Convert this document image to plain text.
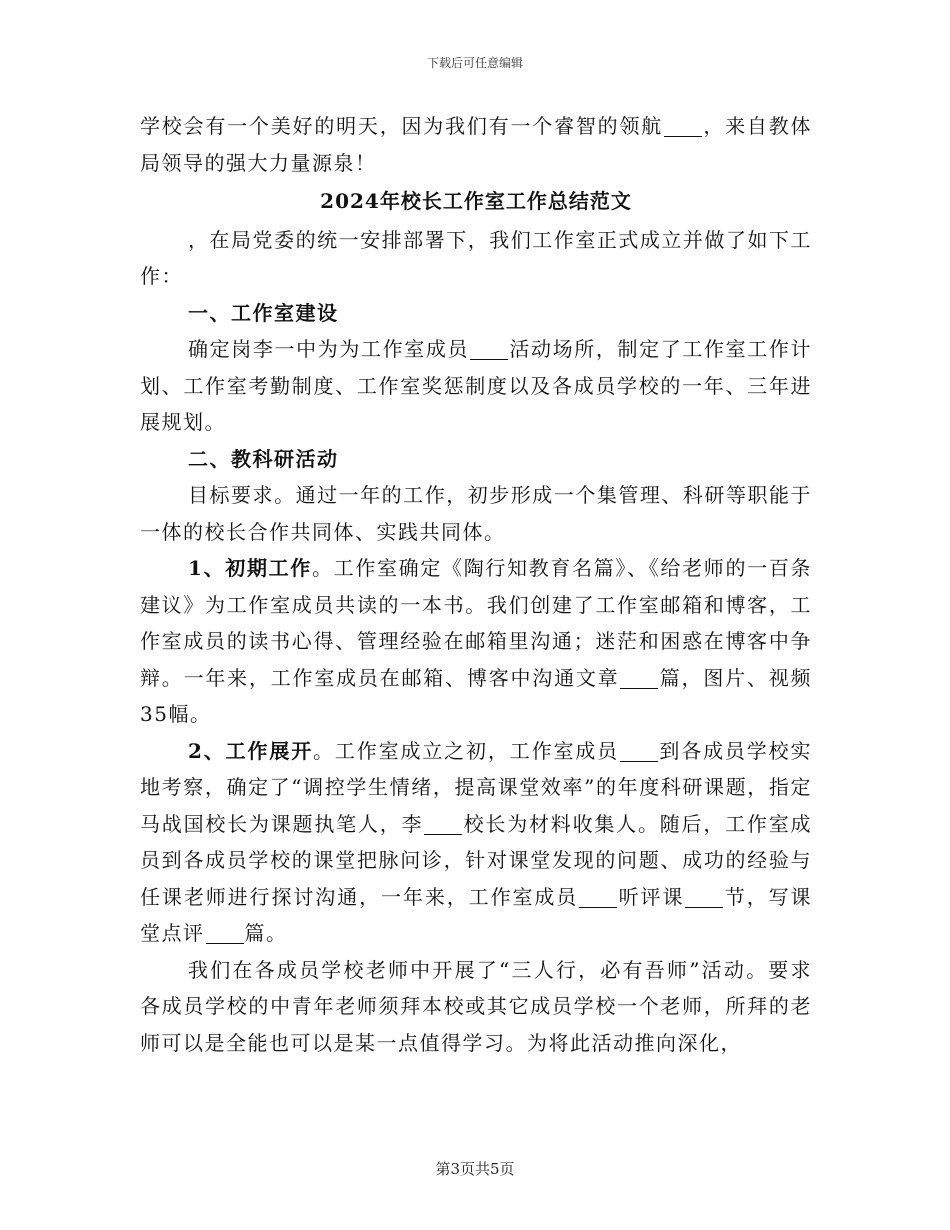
下载后可任意编辑

学校会有一个美好的明天，因为我们有一个睿智的领航 ，来自教体局领导的强大力量源泉！

2024年校长工作室工作总结范文

，在局党委的统一安排部署下，我们工作室正式成立并做了如下工作：

一、工作室建设

确定岗李一中为为工作室成员 活动场所，制定了工作室工作计划、工作室考勤制度、工作室奖惩制度以及各成员学校的一年、三年进展规划。

二、教科研活动

目标要求。通过一年的工作，初步形成一个集管理、科研等职能于一体的校长合作共同体、实践共同体。

1、初期工作。工作室确定《陶行知教育名篇》、《给老师的一百条建议》为工作室成员共读的一本书。我们创建了工作室邮箱和博客，工作室成员的读书心得、管理经验在邮箱里沟通；迷茫和困惑在博客中争辩。一年来，工作室成员在邮箱、博客中沟通文章 篇，图片、视频35幅。

2、工作展开。工作室成立之初，工作室成员 到各成员学校实地考察，确定了“调控学生情绪，提高课堂效率”的年度科研课题，指定马战国校长为课题执笔人，李 校长为材料收集人。随后，工作室成员到各成员学校的课堂把脉问诊，针对课堂发现的问题、成功的经验与任课老师进行探讨沟通，一年来，工作室成员 听评课 节，写课堂点评 篇。

我们在各成员学校老师中开展了“三人行，必有吾师”活动。要求各成员学校的中青年老师须拜本校或其它成员学校一个老师，所拜的老师可以是全能也可以是某一点值得学习。为将此活动推向深化，

第3页共5页
